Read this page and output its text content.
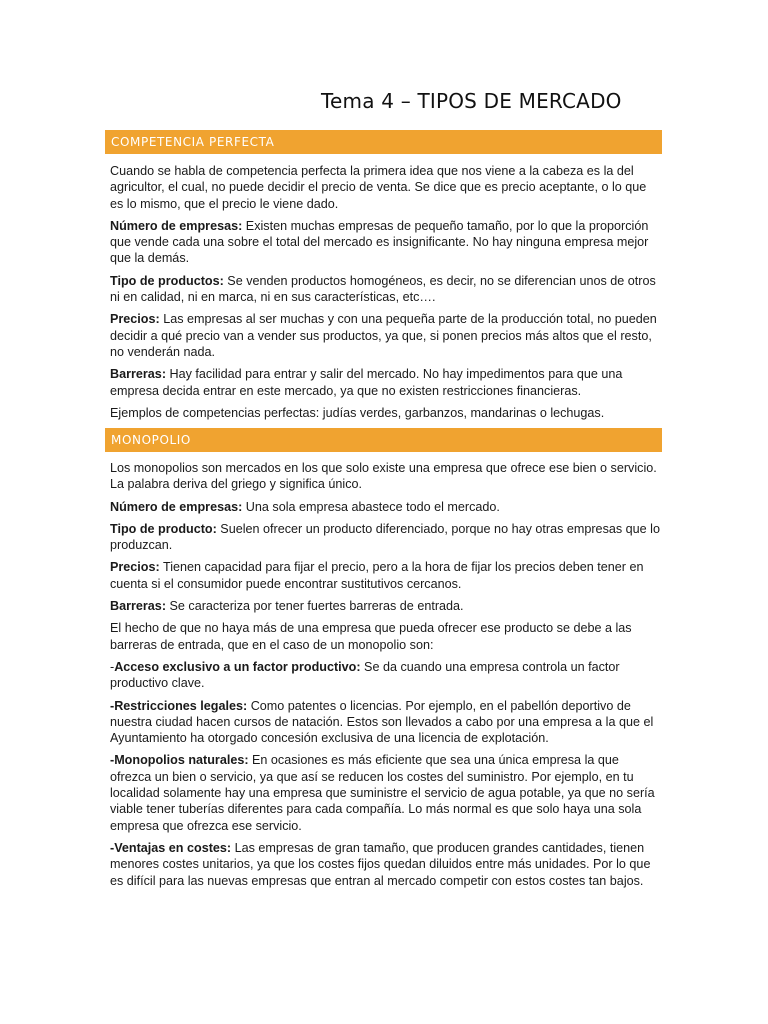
Tema 4 – TIPOS DE MERCADO
COMPETENCIA PERFECTA

Cuando se habla de competencia perfecta la primera idea que nos viene a la cabeza es la del agricultor, el cual, no puede decidir el precio de venta. Se dice que es precio aceptante, o lo que es lo mismo, que el precio le viene dado.

Número de empresas: Existen muchas empresas de pequeño tamaño, por lo que la proporción que vende cada una sobre el total del mercado es insignificante. No hay ninguna empresa mejor que la demás.

Tipo de productos: Se venden productos homogéneos, es decir, no se diferencian unos de otros ni en calidad, ni en marca, ni en sus características, etc….

Precios: Las empresas al ser muchas y con una pequeña parte de la producción total, no pueden decidir a qué precio van a vender sus productos, ya que, si ponen precios más altos que el resto, no venderán nada.

Barreras: Hay facilidad para entrar y salir del mercado. No hay impedimentos para que una empresa decida entrar en este mercado, ya que no existen restricciones financieras.

Ejemplos de competencias perfectas: judías verdes, garbanzos, mandarinas o lechugas.

MONOPOLIO

Los monopolios son mercados en los que solo existe una empresa que ofrece ese bien o servicio. La palabra deriva del griego y significa único.

Número de empresas: Una sola empresa abastece todo el mercado.

Tipo de producto: Suelen ofrecer un producto diferenciado, porque no hay otras empresas que lo produzcan.

Precios: Tienen capacidad para fijar el precio, pero a la hora de fijar los precios deben tener en cuenta si el consumidor puede encontrar sustitutivos cercanos.

Barreras: Se caracteriza por tener fuertes barreras de entrada.

El hecho de que no haya más de una empresa que pueda ofrecer ese producto se debe a las barreras de entrada, que en el caso de un monopolio son:

-Acceso exclusivo a un factor productivo: Se da cuando una empresa controla un factor productivo clave.

-Restricciones legales: Como patentes o licencias. Por ejemplo, en el pabellón deportivo de nuestra ciudad hacen cursos de natación. Estos son llevados a cabo por una empresa a la que el Ayuntamiento ha otorgado concesión exclusiva de una licencia de explotación.

-Monopolios naturales: En ocasiones es más eficiente que sea una única empresa la que ofrezca un bien o servicio, ya que así se reducen los costes del suministro. Por ejemplo, en tu localidad solamente hay una empresa que suministre el servicio de agua potable, ya que no sería viable tener tuberías diferentes para cada compañía. Lo más normal es que solo haya una sola empresa que ofrezca ese servicio.

-Ventajas en costes: Las empresas de gran tamaño, que producen grandes cantidades, tienen menores costes unitarios, ya que los costes fijos quedan diluidos entre más unidades. Por lo que es difícil para las nuevas empresas que entran al mercado competir con estos costes tan bajos.
